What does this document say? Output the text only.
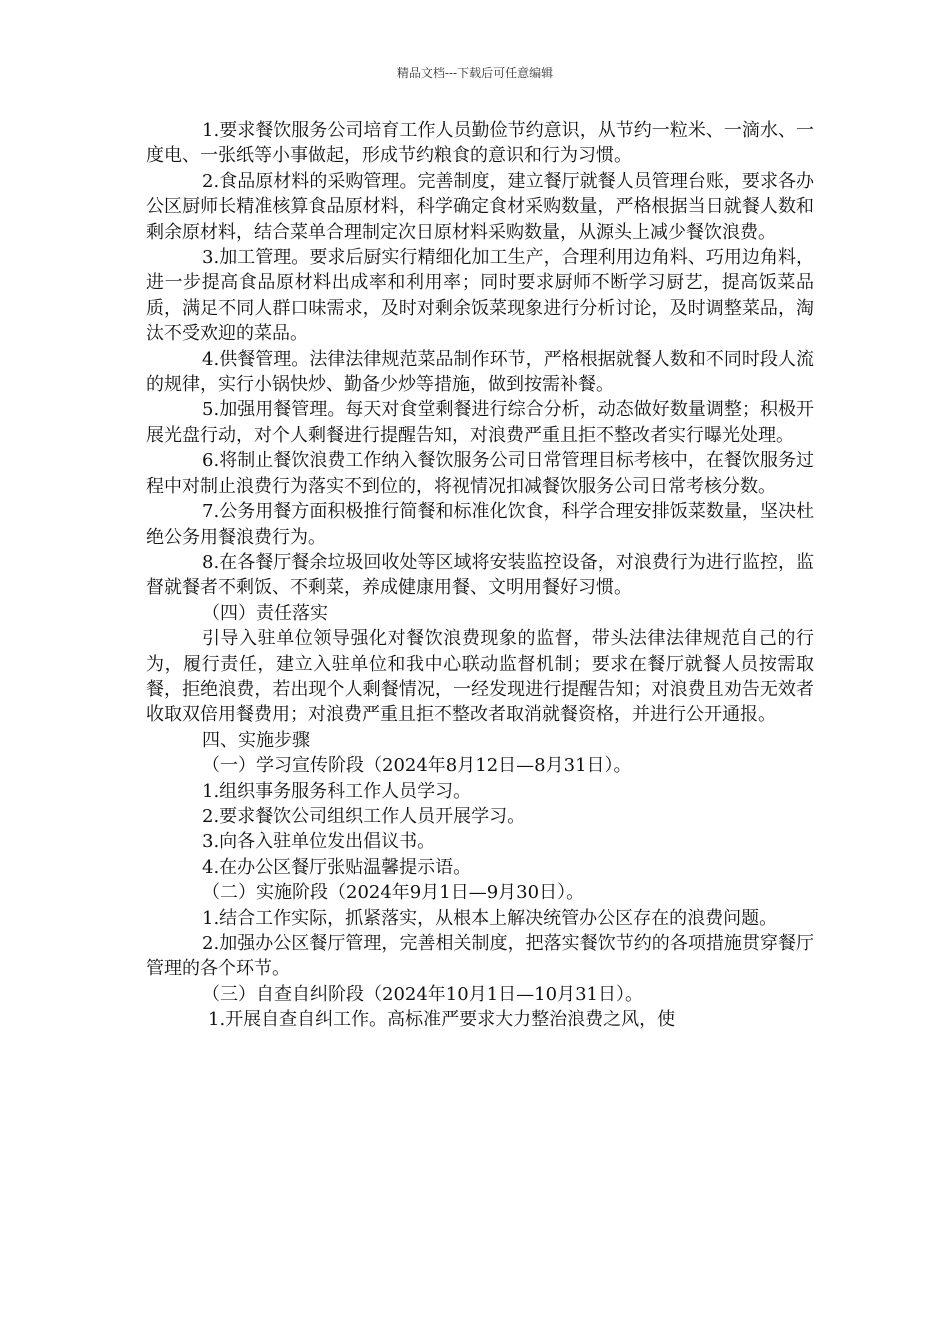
精品文档---下载后可任意编辑

1.要求餐饮服务公司培育工作人员勤俭节约意识，从节约一粒米、一滴水、一度电、一张纸等小事做起，形成节约粮食的意识和行为习惯。

2.食品原材料的采购管理。完善制度，建立餐厅就餐人员管理台账，要求各办公区厨师长精准核算食品原材料，科学确定食材采购数量，严格根据当日就餐人数和剩余原材料，结合菜单合理制定次日原材料采购数量，从源头上减少餐饮浪费。

3.加工管理。要求后厨实行精细化加工生产，合理利用边角料、巧用边角料，进一步提高食品原材料出成率和利用率；同时要求厨师不断学习厨艺，提高饭菜品质，满足不同人群口味需求，及时对剩余饭菜现象进行分析讨论，及时调整菜品，淘汰不受欢迎的菜品。

4.供餐管理。法律法律规范菜品制作环节，严格根据就餐人数和不同时段人流的规律，实行小锅快炒、勤备少炒等措施，做到按需补餐。

5.加强用餐管理。每天对食堂剩餐进行综合分析，动态做好数量调整；积极开展光盘行动，对个人剩餐进行提醒告知，对浪费严重且拒不整改者实行曝光处理。

6.将制止餐饮浪费工作纳入餐饮服务公司日常管理目标考核中，在餐饮服务过程中对制止浪费行为落实不到位的，将视情况扣减餐饮服务公司日常考核分数。

7.公务用餐方面积极推行简餐和标准化饮食，科学合理安排饭菜数量，坚决杜绝公务用餐浪费行为。

8.在各餐厅餐余垃圾回收处等区域将安装监控设备，对浪费行为进行监控，监督就餐者不剩饭、不剩菜，养成健康用餐、文明用餐好习惯。

（四）责任落实

引导入驻单位领导强化对餐饮浪费现象的监督，带头法律法律规范自己的行为，履行责任，建立入驻单位和我中心联动监督机制；要求在餐厅就餐人员按需取餐，拒绝浪费，若出现个人剩餐情况，一经发现进行提醒告知；对浪费且劝告无效者收取双倍用餐费用；对浪费严重且拒不整改者取消就餐资格，并进行公开通报。

四、实施步骤

（一）学习宣传阶段（2024年8月12日—8月31日）。

1.组织事务服务科工作人员学习。

2.要求餐饮公司组织工作人员开展学习。

3.向各入驻单位发出倡议书。

4.在办公区餐厅张贴温馨提示语。

（二）实施阶段（2024年9月1日—9月30日）。

1.结合工作实际，抓紧落实，从根本上解决统管办公区存在的浪费问题。

2.加强办公区餐厅管理，完善相关制度，把落实餐饮节约的各项措施贯穿餐厅管理的各个环节。

（三）自查自纠阶段（2024年10月1日—10月31日）。

1.开展自查自纠工作。高标准严要求大力整治浪费之风，使
